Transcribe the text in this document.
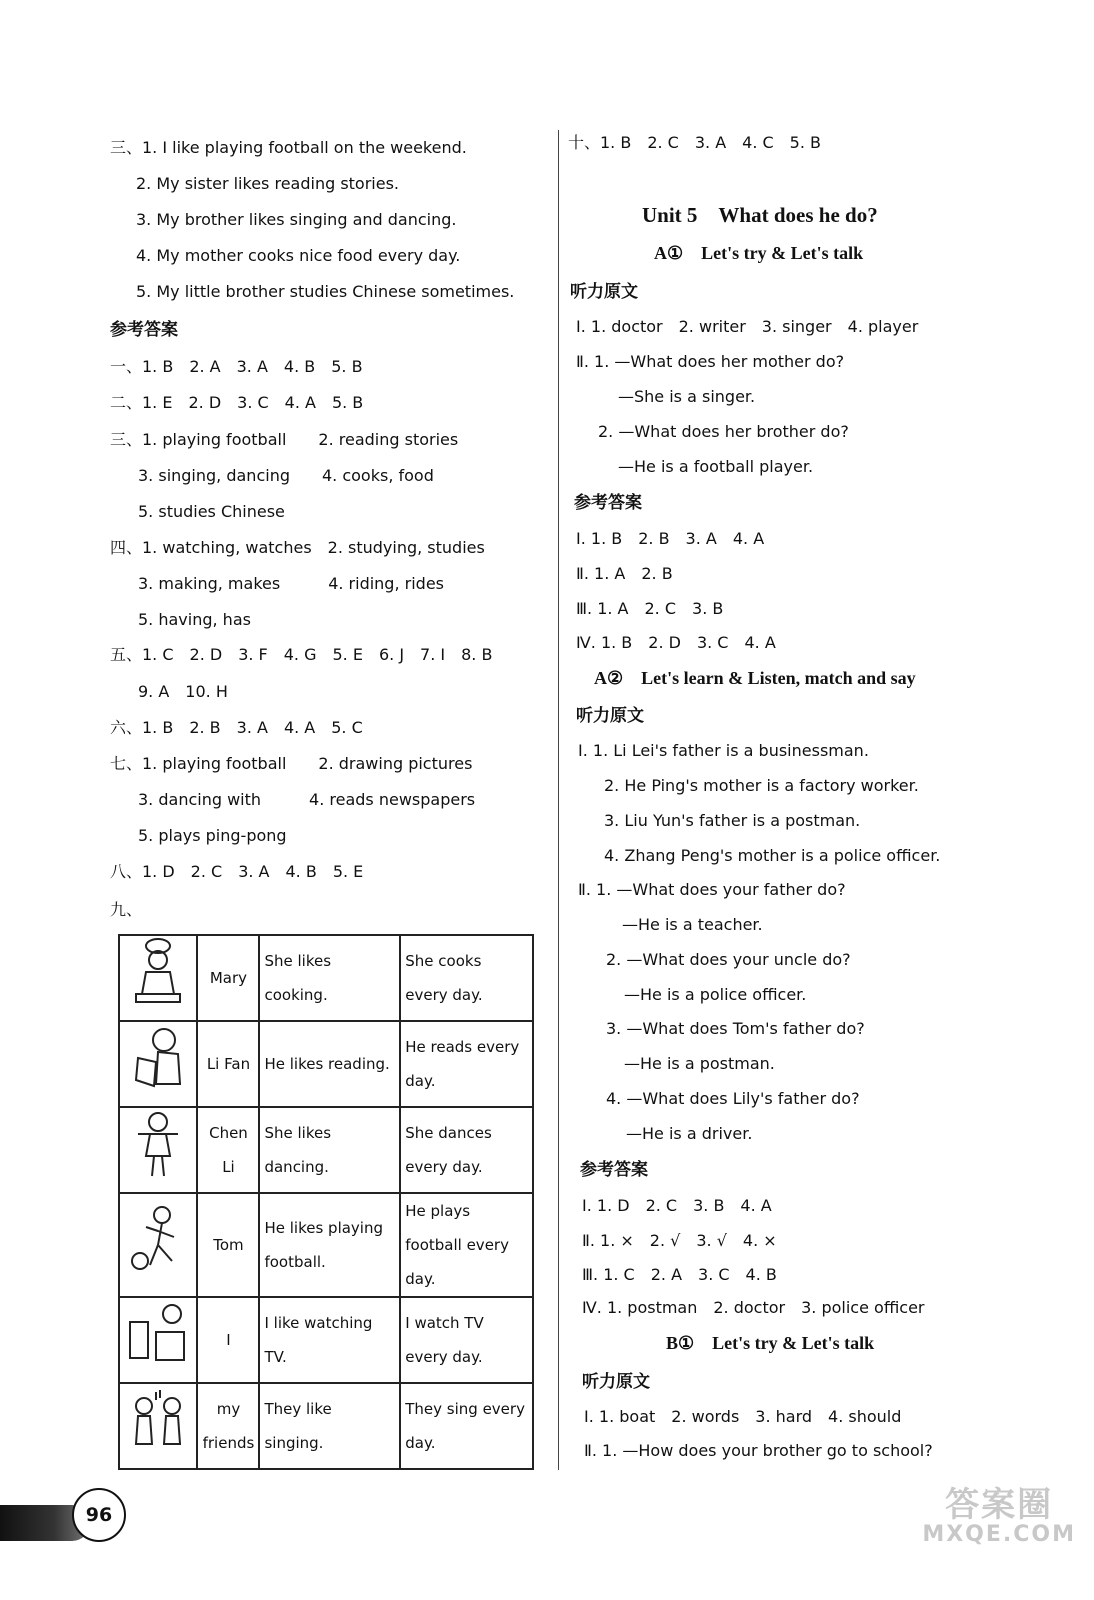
三、1. I like playing football on the weekend.
2. My sister likes reading stories.
3. My brother likes singing and dancing.
4. My mother cooks nice food every day.
5. My little brother studies Chinese sometimes.
参考答案
一、1. B　2. A　3. A　4. B　5. B
二、1. E　2. D　3. C　4. A　5. B
三、1. playing football　　2. reading stories
3. singing, dancing　　4. cooks, food
5. studies Chinese
四、1. watching, watches　2. studying, studies
3. making, makes　　　4. riding, rides
5. having, has
五、1. C　2. D　3. F　4. G　5. E　6. J　7. I　8. B
9. A　10. H
六、1. B　2. B　3. A　4. A　5. C
七、1. playing football　　2. drawing pictures
3. dancing with　　　4. reads newspapers
5. plays ping-pong
八、1. D　2. C　3. A　4. B　5. E
九、
	Mary	She likes cooking.	She cooks every day.
	Li Fan	He likes reading.	He reads every day.
	Chen Li	She likes dancing.	She dances every day.
	Tom	He likes playing football.	He plays football every day.
	I	I like watching TV.	I watch TV every day.
	my friends	They like singing.	They sing every day.
十、1. B　2. C　3. A　4. C　5. B
Unit 5　What does he do?
A①　Let's try & Let's talk
听力原文
Ⅰ. 1. doctor　2. writer　3. singer　4. player
Ⅱ. 1. —What does her mother do?
—She is a singer.
2. —What does her brother do?
—He is a football player.
参考答案
Ⅰ. 1. B　2. B　3. A　4. A
Ⅱ. 1. A　2. B
Ⅲ. 1. A　2. C　3. B
Ⅳ. 1. B　2. D　3. C　4. A
A②　Let's learn & Listen, match and say
听力原文
Ⅰ. 1. Li Lei's father is a businessman.
2. He Ping's mother is a factory worker.
3. Liu Yun's father is a postman.
4. Zhang Peng's mother is a police officer.
Ⅱ. 1. —What does your father do?
—He is a teacher.
2. —What does your uncle do?
—He is a police officer.
3. —What does Tom's father do?
—He is a postman.
4. —What does Lily's father do?
—He is a driver.
参考答案
Ⅰ. 1. D　2. C　3. B　4. A
Ⅱ. 1. ×　2. √　3. √　4. ×
Ⅲ. 1. C　2. A　3. C　4. B
Ⅳ. 1. postman　2. doctor　3. police officer
B①　Let's try & Let's talk
听力原文
Ⅰ. 1. boat　2. words　3. hard　4. should
Ⅱ. 1. —How does your brother go to school?
96	答案圈
MXQE.COM
